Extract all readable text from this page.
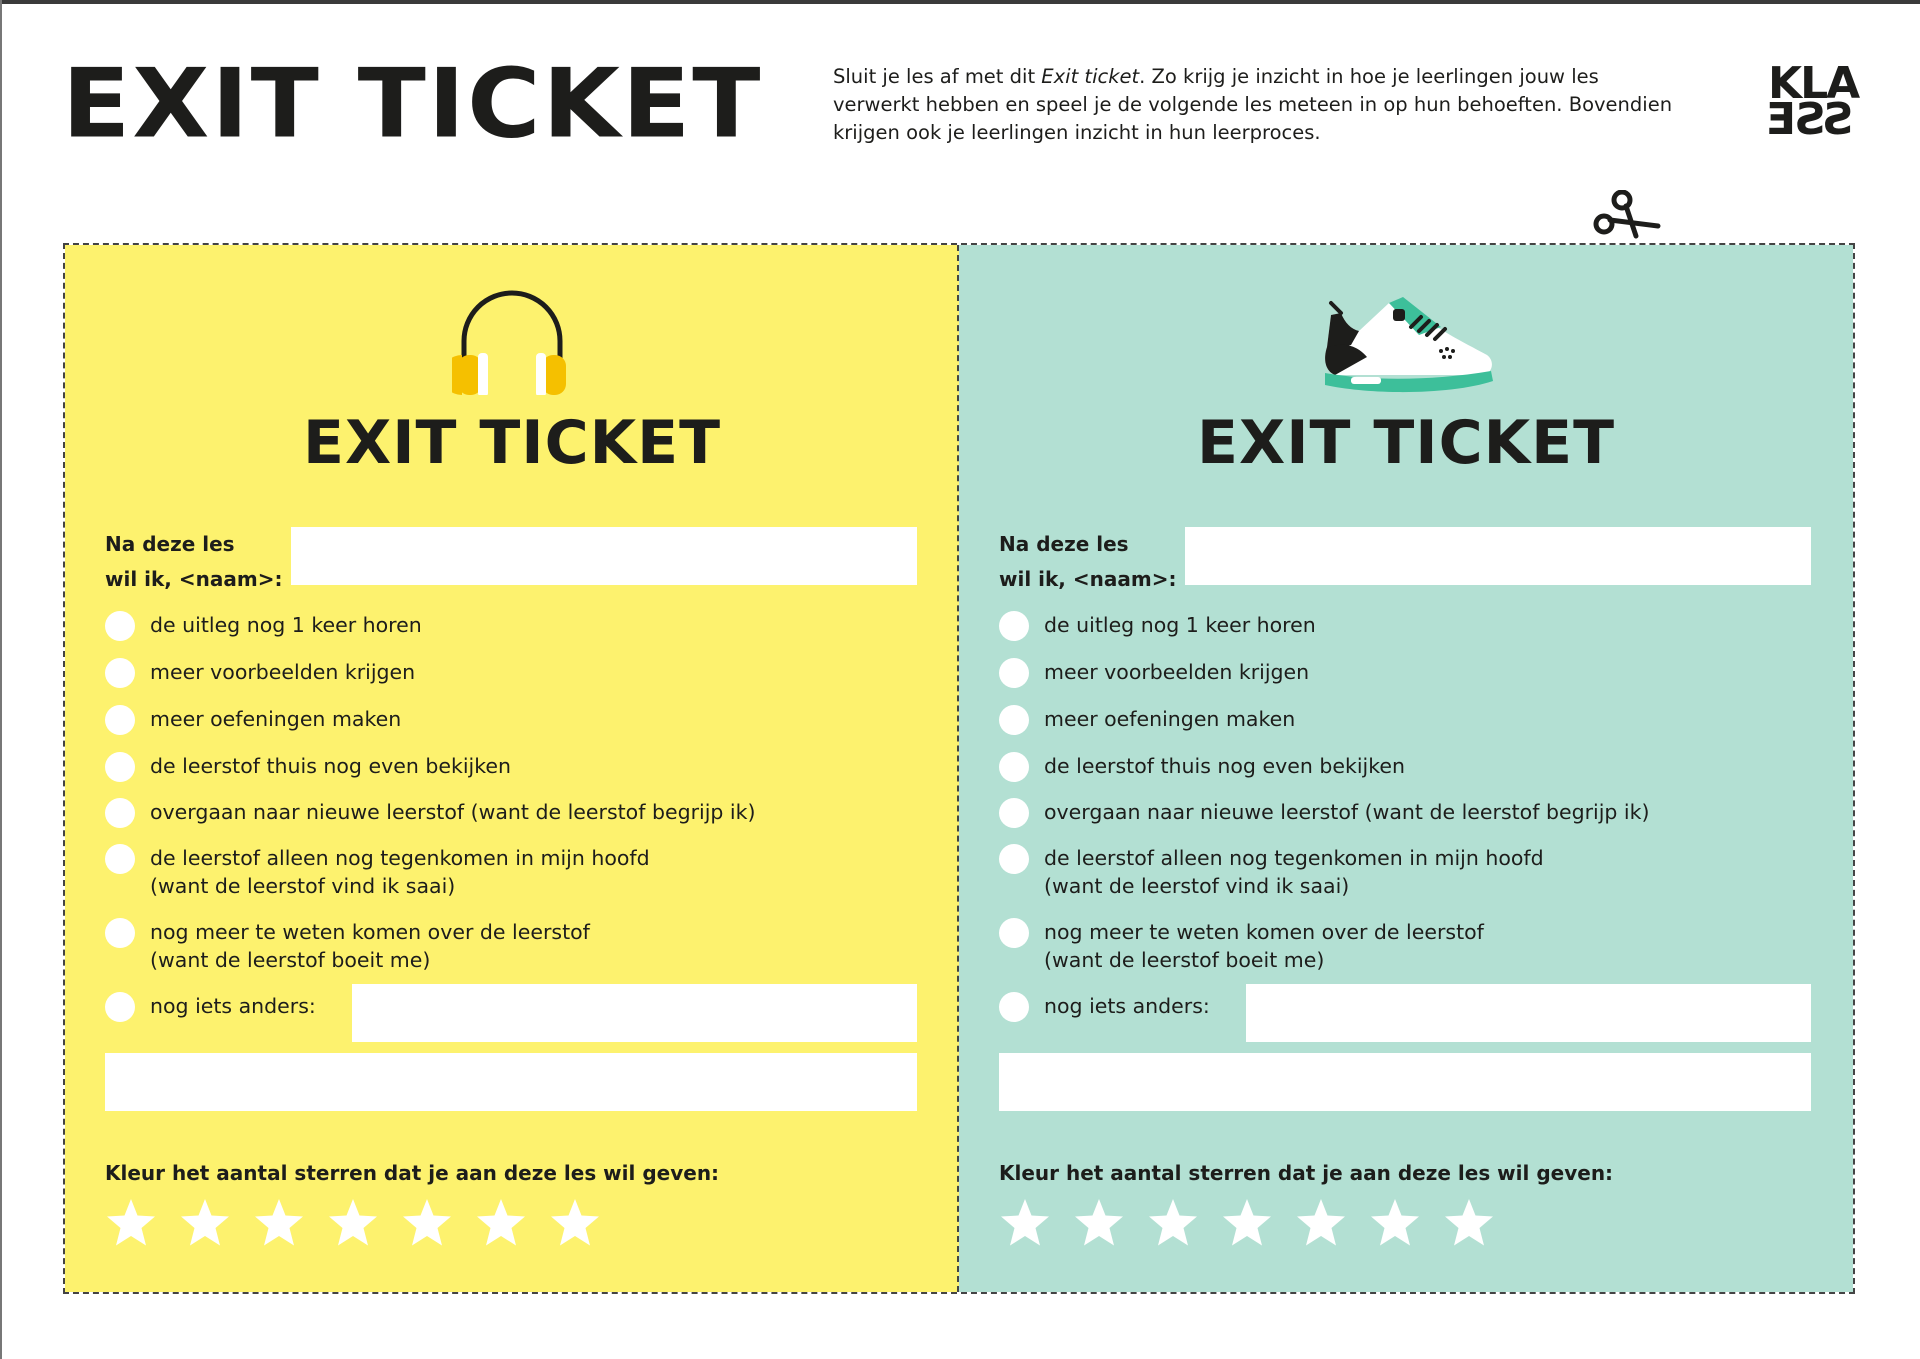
EXIT TICKET	Sluit je les af met dit Exit ticket. Zo krijg je inzicht in hoe je leerlingen jouw les verwerkt hebben en speel je de volgende les meteen in op hun behoeften. Bovendien krijgen ook je leerlingen inzicht in hun leerproces.

KLA
SSE
EXIT TICKET
Na deze les
wil ik, <naam>:
de uitleg nog 1 keer horen
meer voorbeelden krijgen
meer oefeningen maken
de leerstof thuis nog even bekijken
overgaan naar nieuwe leerstof (want de leerstof begrijp ik)
de leerstof alleen nog tegenkomen in mijn hoofd
(want de leerstof vind ik saai)
nog meer te weten komen over de leerstof
(want de leerstof boeit me)
nog iets anders:
Kleur het aantal sterren dat je aan deze les wil geven:
EXIT TICKET
Na deze les
wil ik, <naam>:
de uitleg nog 1 keer horen
meer voorbeelden krijgen
meer oefeningen maken
de leerstof thuis nog even bekijken
overgaan naar nieuwe leerstof (want de leerstof begrijp ik)
de leerstof alleen nog tegenkomen in mijn hoofd
(want de leerstof vind ik saai)
nog meer te weten komen over de leerstof
(want de leerstof boeit me)
nog iets anders:
Kleur het aantal sterren dat je aan deze les wil geven:
